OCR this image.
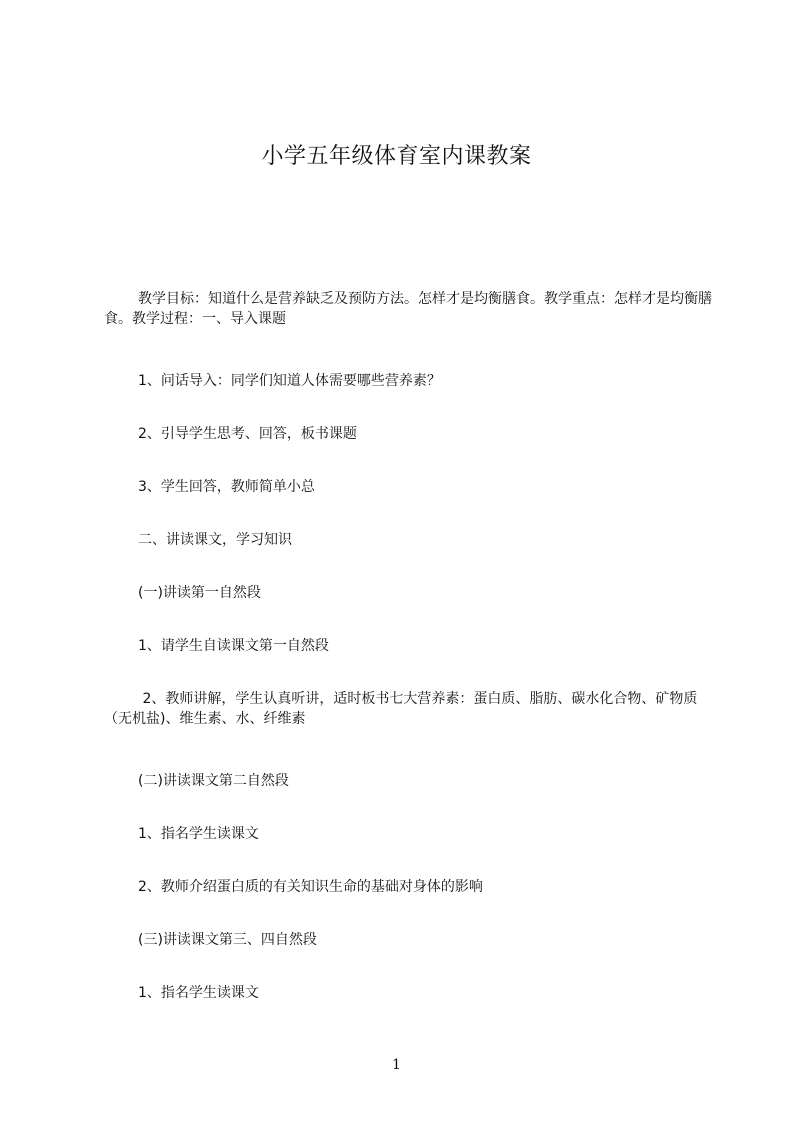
小学五年级体育室内课教案
教学目标：知道什么是营养缺乏及预防方法。怎样才是均衡膳食。教学重点：怎样才是均衡膳食。教学过程：一、导入课题
1、问话导入：同学们知道人体需要哪些营养素？
2、引导学生思考、回答，板书课题
3、学生回答，教师简单小总
二、讲读课文，学习知识
(一)讲读第一自然段
1、请学生自读课文第一自然段
2、教师讲解，学生认真听讲，适时板书七大营养素：蛋白质、脂肪、碳水化合物、矿物质（无机盐)、维生素、水、纤维素
(二)讲读课文第二自然段
1、指名学生读课文
2、教师介绍蛋白质的有关知识生命的基础对身体的影响
(三)讲读课文第三、四自然段
1、指名学生读课文
1
